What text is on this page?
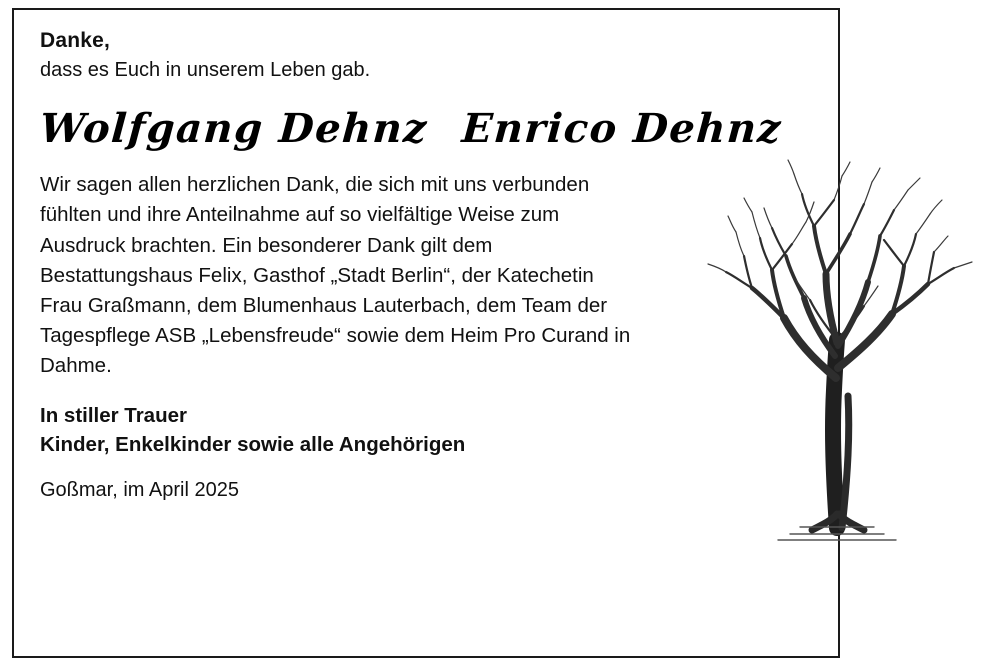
Danke,
dass es Euch in unserem Leben gab.
Wolfgang Dehnz Enrico Dehnz
Wir sagen allen herzlichen Dank, die sich mit uns verbunden fühlten und ihre Anteilnahme auf so vielfältige Weise zum Ausdruck brachten. Ein besonderer Dank gilt dem Bestattungshaus Felix, Gasthof „Stadt Berlin“, der Katechetin Frau Graßmann, dem Blumenhaus Lauterbach, dem Team der Tagespflege ASB „Lebensfreude“ sowie dem Heim Pro Curand in Dahme.
In stiller Trauer
Kinder, Enkelkinder sowie alle Angehörigen
Goßmar, im April 2025
